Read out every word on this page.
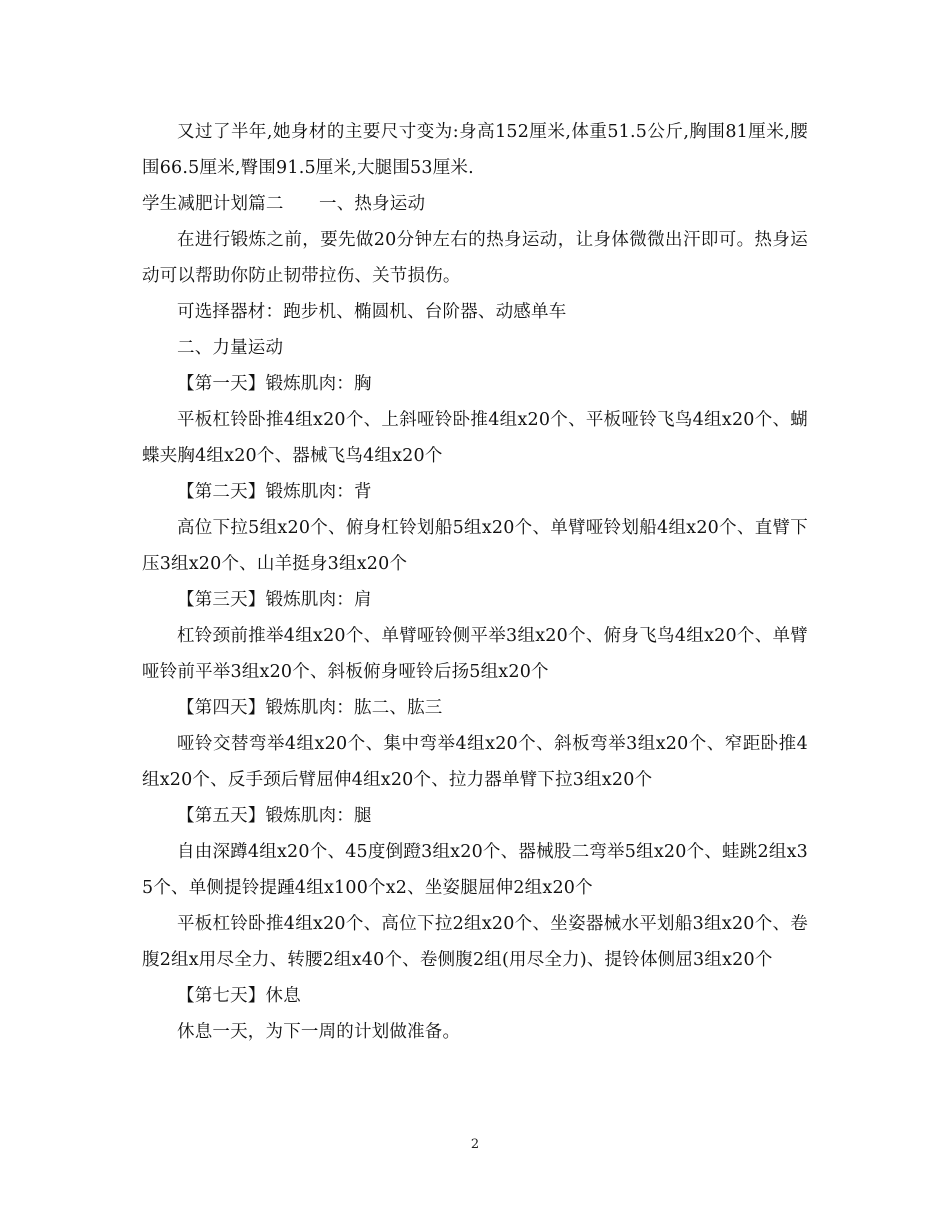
又过了半年,她身材的主要尺寸变为:身高152厘米,体重51.5公斤,胸围81厘米,腰围66.5厘米,臀围91.5厘米,大腿围53厘米.

学生减肥计划篇二　　一、热身运动

在进行锻炼之前，要先做20分钟左右的热身运动，让身体微微出汗即可。热身运动可以帮助你防止韧带拉伤、关节损伤。

可选择器材：跑步机、椭圆机、台阶器、动感单车

二、力量运动

【第一天】锻炼肌肉：胸

平板杠铃卧推4组x20个、上斜哑铃卧推4组x20个、平板哑铃飞鸟4组x20个、蝴蝶夹胸4组x20个、器械飞鸟4组x20个

【第二天】锻炼肌肉：背

高位下拉5组x20个、俯身杠铃划船5组x20个、单臂哑铃划船4组x20个、直臂下压3组x20个、山羊挺身3组x20个

【第三天】锻炼肌肉：肩

杠铃颈前推举4组x20个、单臂哑铃侧平举3组x20个、俯身飞鸟4组x20个、单臂哑铃前平举3组x20个、斜板俯身哑铃后扬5组x20个

【第四天】锻炼肌肉：肱二、肱三

哑铃交替弯举4组x20个、集中弯举4组x20个、斜板弯举3组x20个、窄距卧推4组x20个、反手颈后臂屈伸4组x20个、拉力器单臂下拉3组x20个

【第五天】锻炼肌肉：腿

自由深蹲4组x20个、45度倒蹬3组x20个、器械股二弯举5组x20个、蛙跳2组x35个、单侧提铃提踵4组x100个x2、坐姿腿屈伸2组x20个

平板杠铃卧推4组x20个、高位下拉2组x20个、坐姿器械水平划船3组x20个、卷腹2组x用尽全力、转腰2组x40个、卷侧腹2组(用尽全力)、提铃体侧屈3组x20个

【第七天】休息

休息一天，为下一周的计划做准备。

2
